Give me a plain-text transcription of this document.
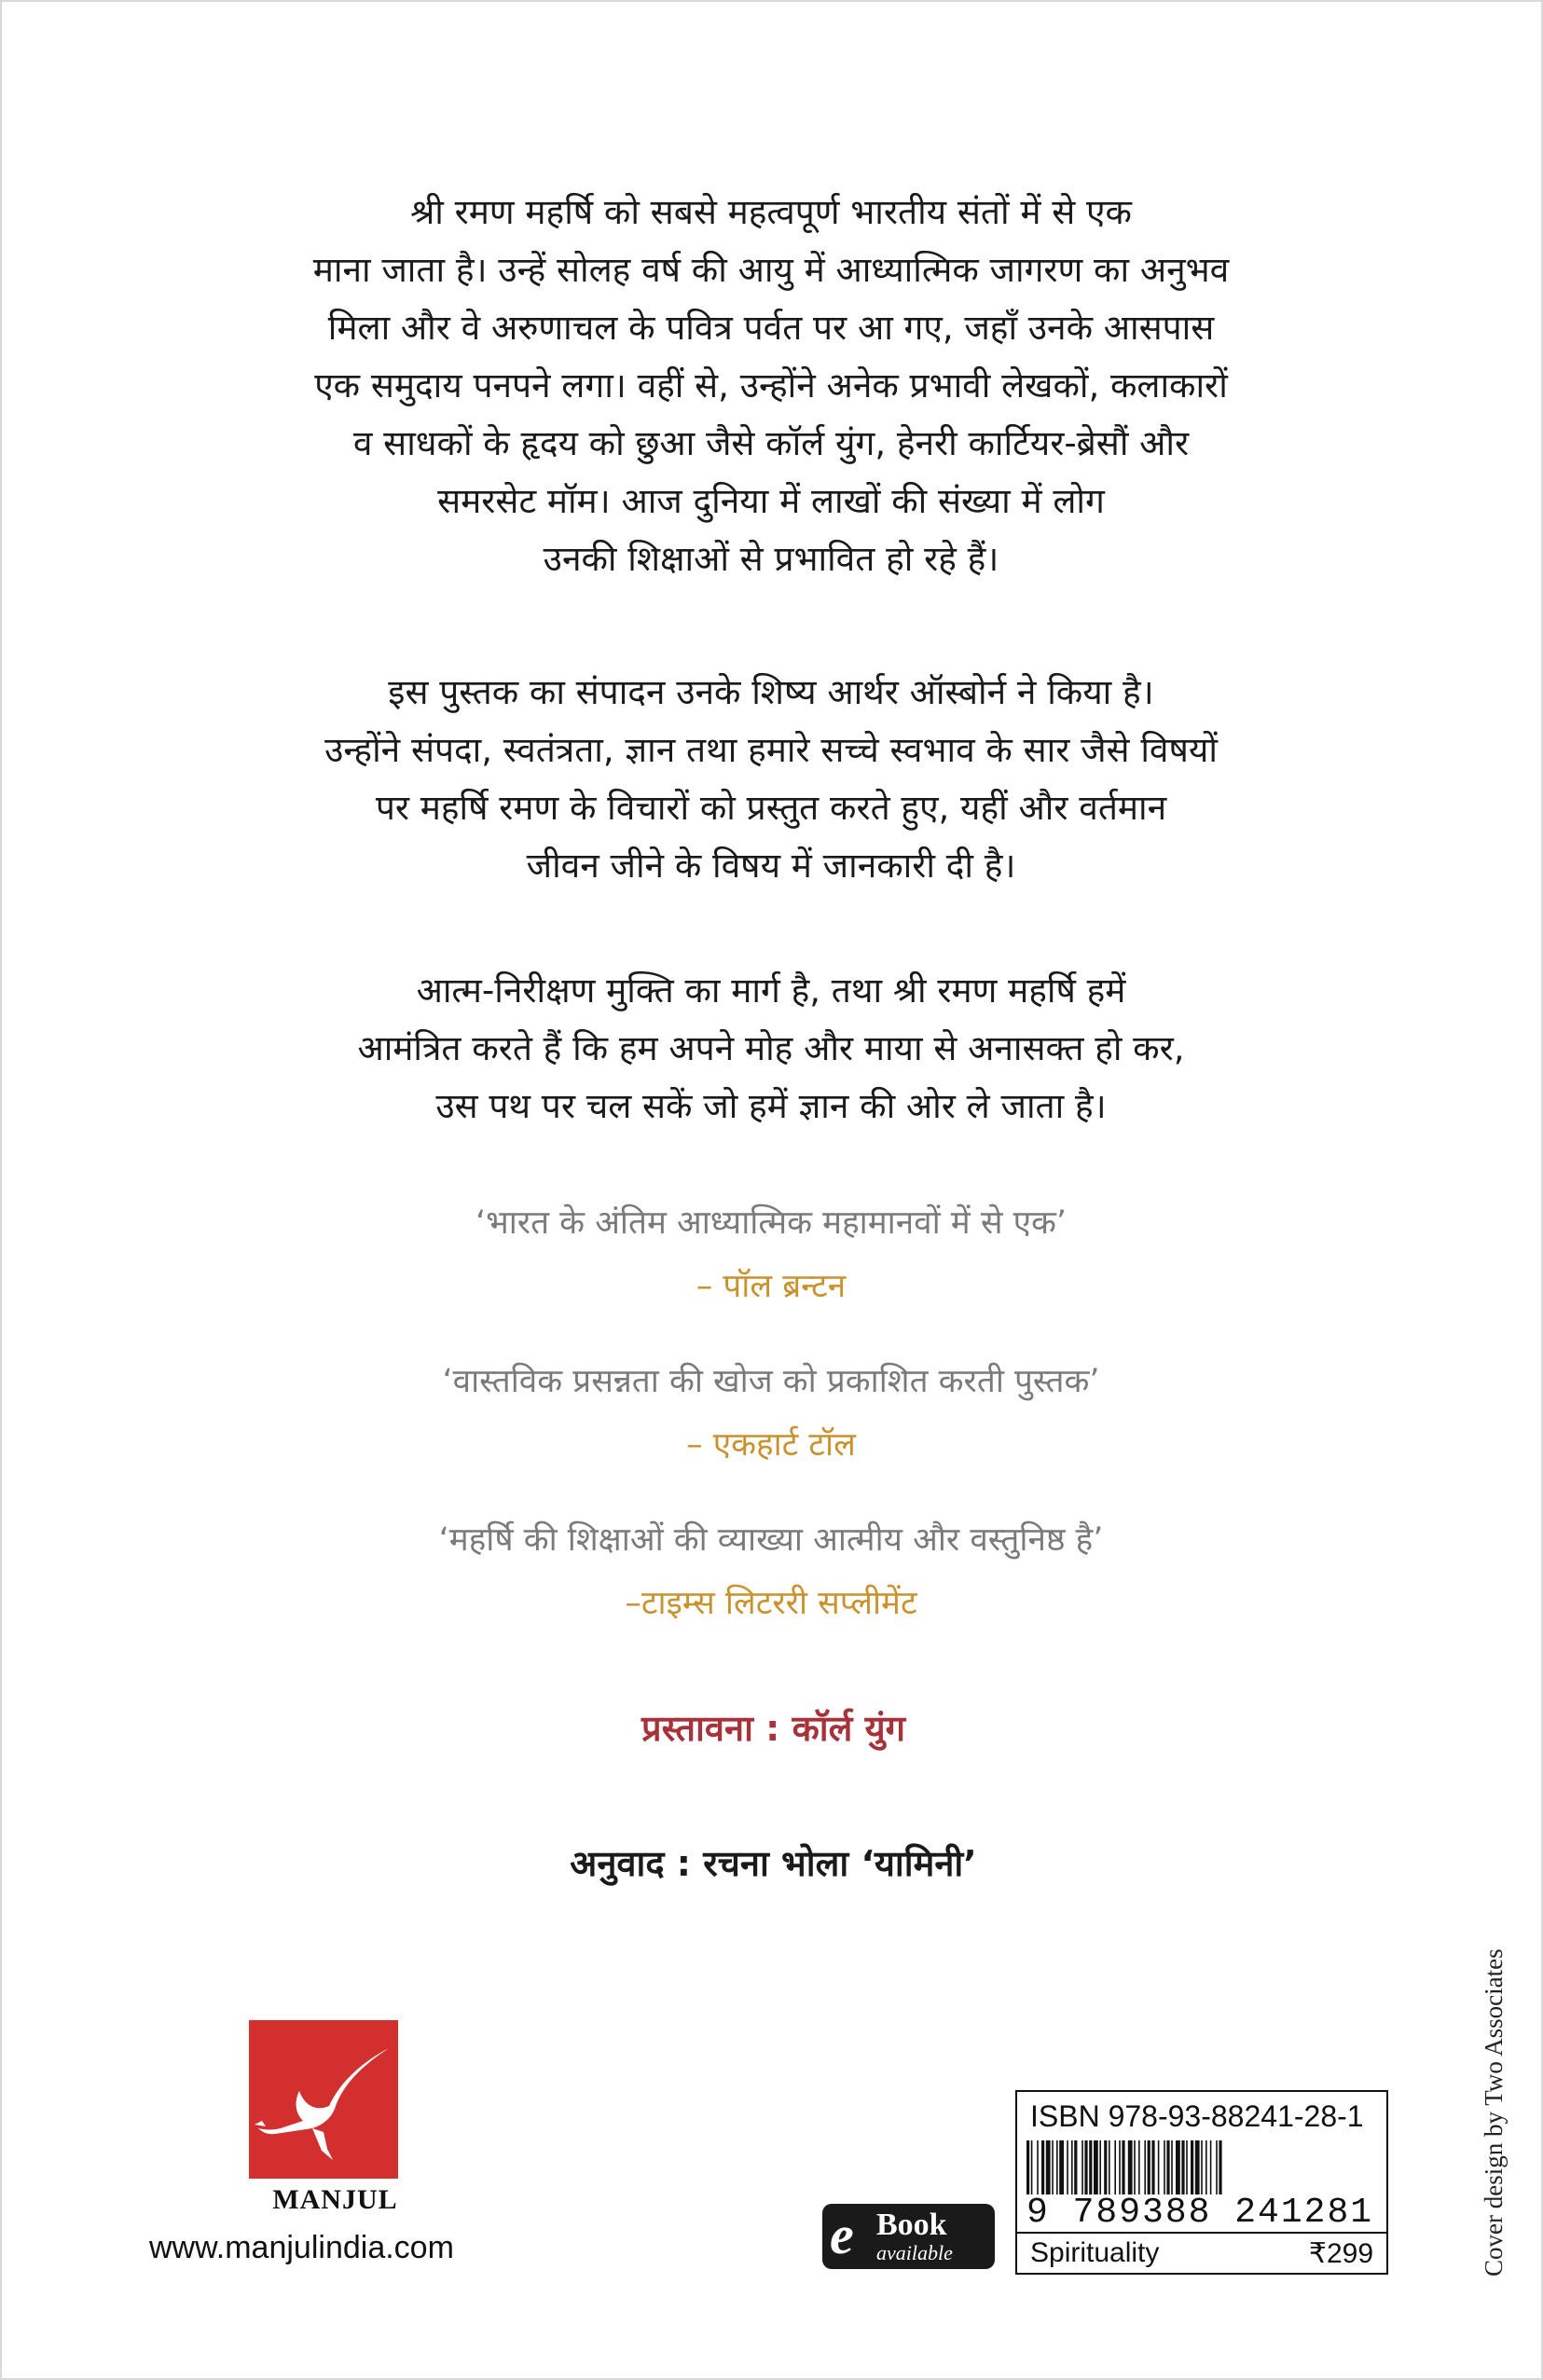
श्री रमण महर्षि को सबसे महत्वपूर्ण भारतीय संतों में से एक

माना जाता है। उन्हें सोलह वर्ष की आयु में आध्यात्मिक जागरण का अनुभव

मिला और वे अरुणाचल के पवित्र पर्वत पर आ गए, जहाँ उनके आसपास

एक समुदाय पनपने लगा। वहीं से, उन्होंने अनेक प्रभावी लेखकों, कलाकारों

व साधकों के हृदय को छुआ जैसे कॉर्ल युंग, हेनरी कार्टियर-ब्रेसौं और

समरसेट मॉम। आज दुनिया में लाखों की संख्या में लोग

उनकी शिक्षाओं से प्रभावित हो रहे हैं।

इस पुस्तक का संपादन उनके शिष्य आर्थर ऑस्बोर्न ने किया है।

उन्होंने संपदा, स्वतंत्रता, ज्ञान तथा हमारे सच्चे स्वभाव के सार जैसे विषयों

पर महर्षि रमण के विचारों को प्रस्तुत करते हुए, यहीं और वर्तमान

जीवन जीने के विषय में जानकारी दी है।

आत्म-निरीक्षण मुक्ति का मार्ग है, तथा श्री रमण महर्षि हमें

आमंत्रित करते हैं कि हम अपने मोह और माया से अनासक्त हो कर,

उस पथ पर चल सकें जो हमें ज्ञान की ओर ले जाता है।

‘भारत के अंतिम आध्यात्मिक महामानवों में से एक’
– पॉल ब्रन्टन
‘वास्तविक प्रसन्नता की खोज को प्रकाशित करती पुस्तक’
– एकहार्ट टॉल
‘महर्षि की शिक्षाओं की व्याख्या आत्मीय और वस्तुनिष्ठ है’
–टाइम्स लिटररी सप्लीमेंट
प्रस्तावना : कॉर्ल युंग
अनुवाद : रचना भोला ‘यामिनी’
MANJUL
www.manjulindia.com	e Book
available
ISBN 978-93-88241-28-1
9 789388 241281
Spirituality	₹299	Cover design by Two Associates
